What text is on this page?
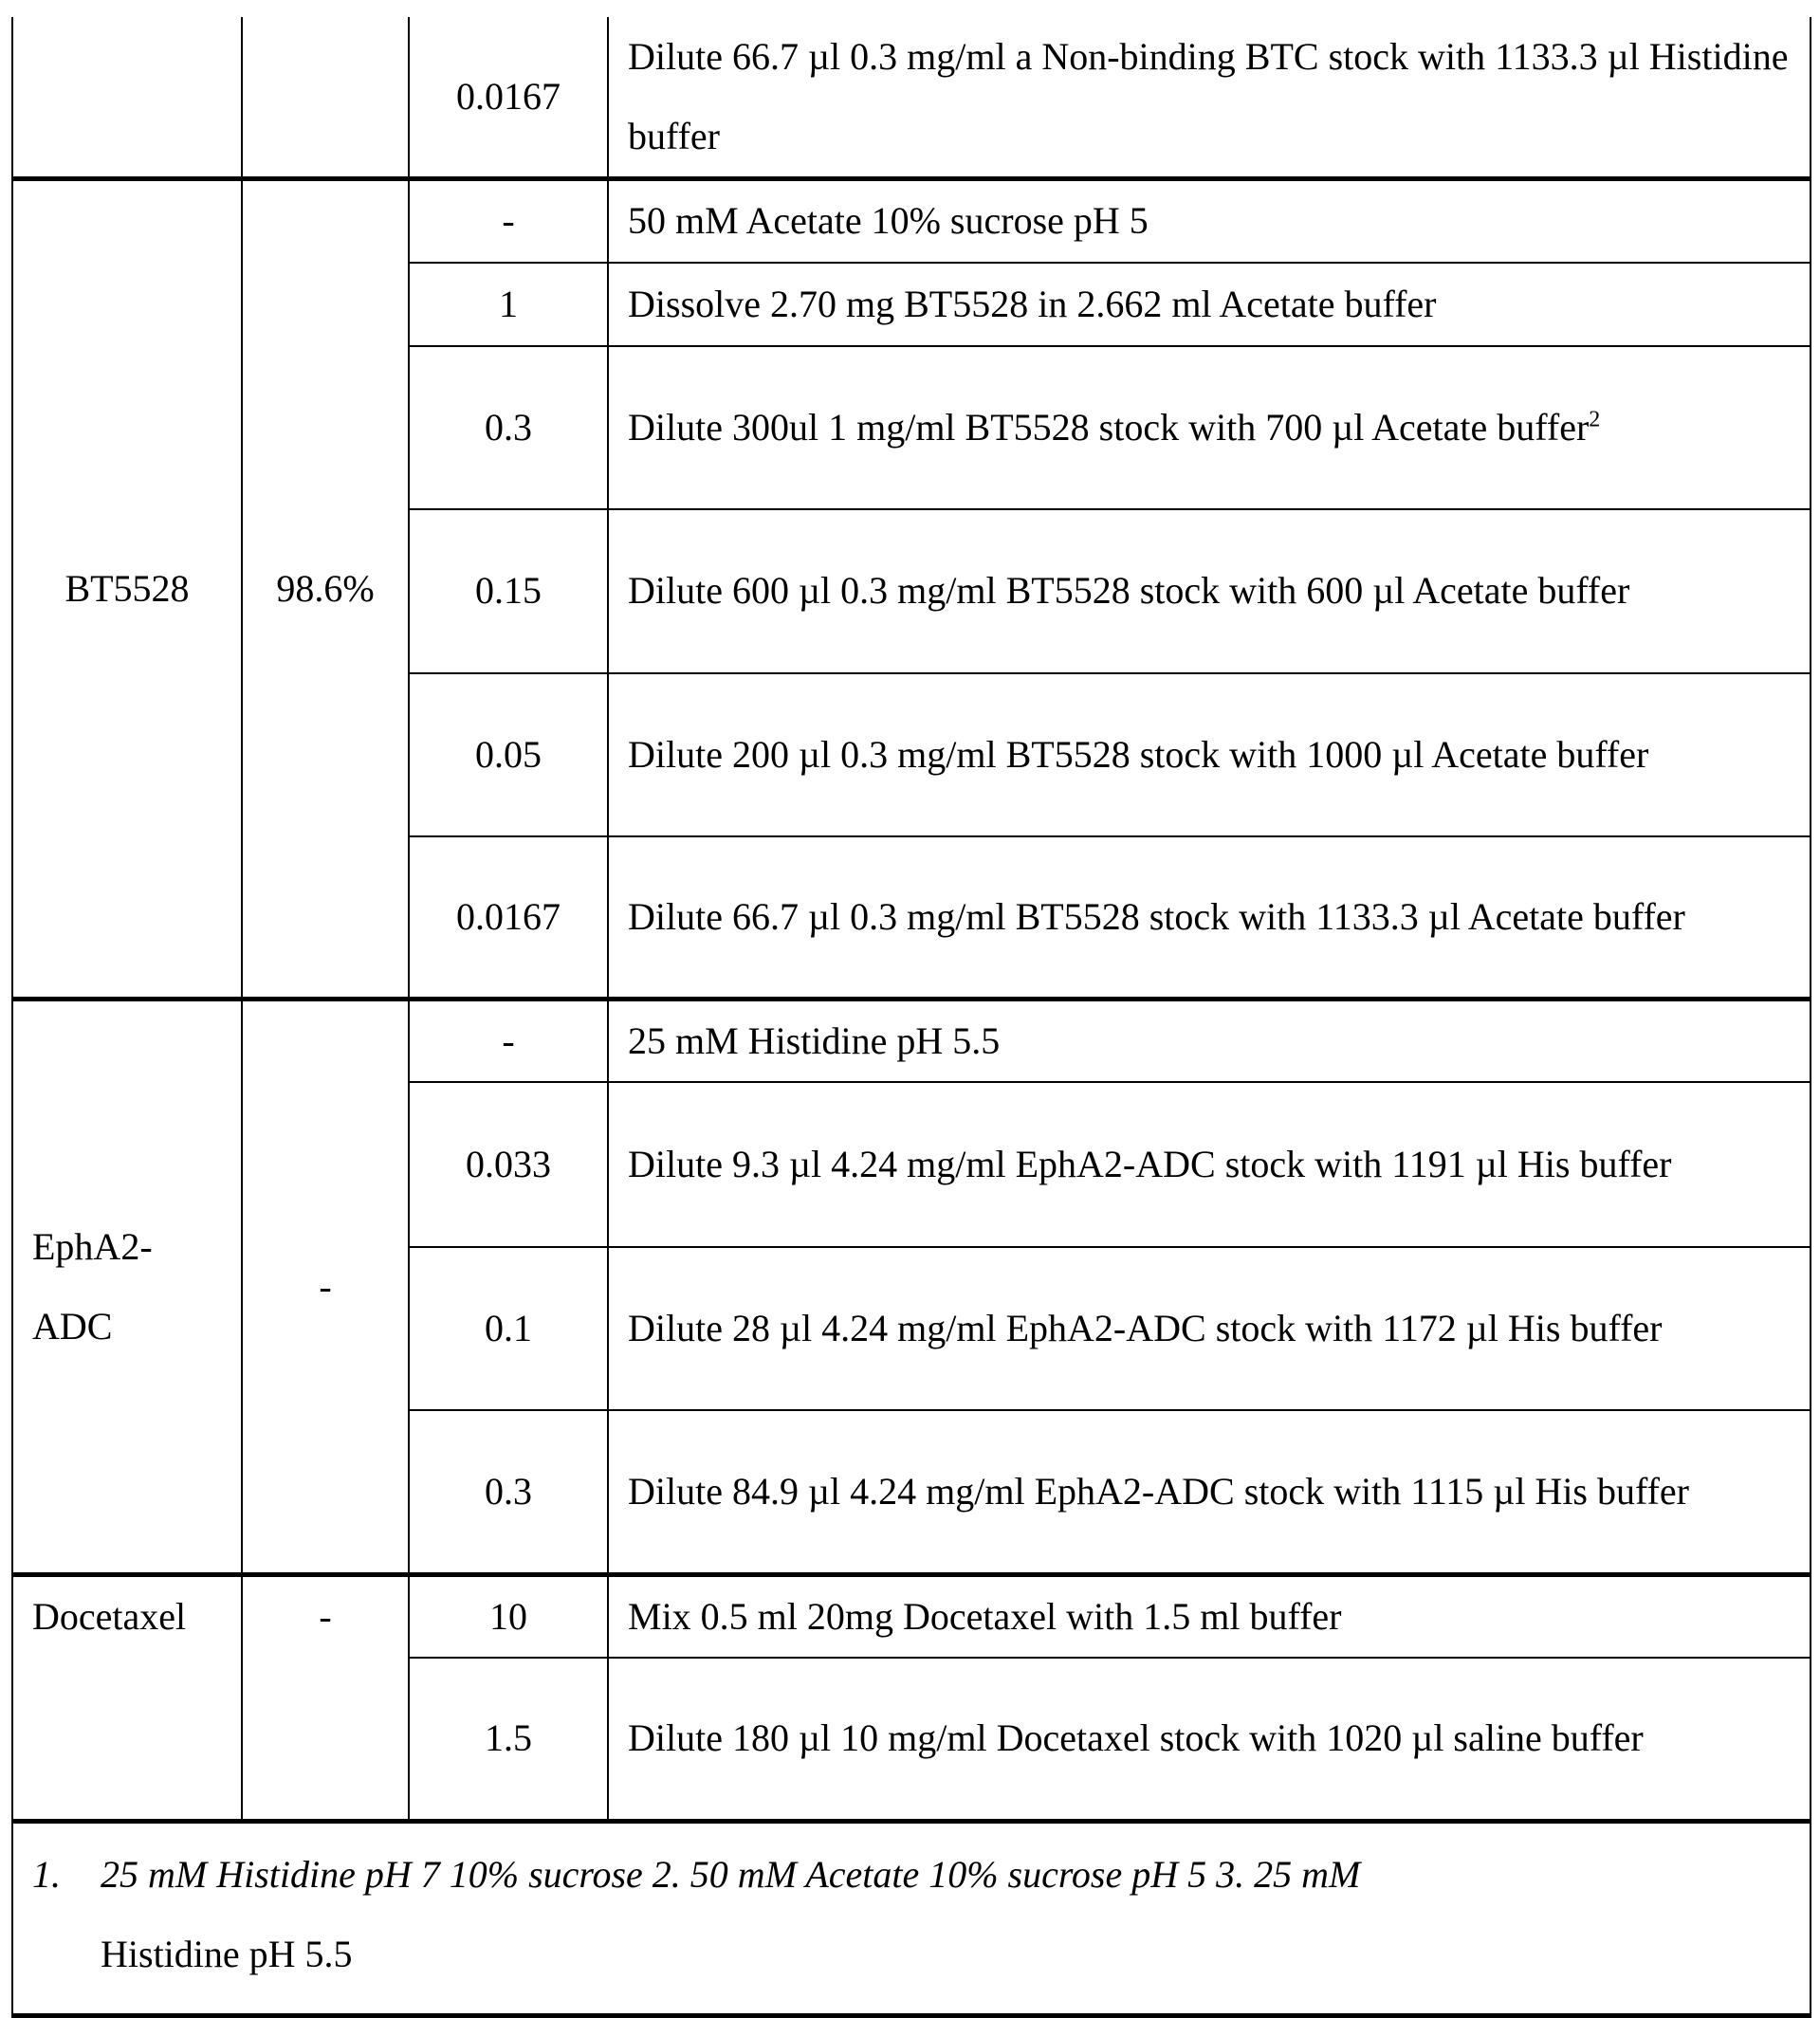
		0.0167	Dilute 66.7 µl 0.3 mg/ml a Non-binding BTC stock with 1133.3 µl Histidine buffer
BT5528	98.6%	-	50 mM Acetate 10% sucrose pH 5
1	Dissolve 2.70 mg BT5528 in 2.662 ml Acetate buffer
0.3	Dilute 300ul 1 mg/ml BT5528 stock with 700 µl Acetate buffer2
0.15	Dilute 600 µl 0.3 mg/ml BT5528 stock with 600 µl Acetate buffer
0.05	Dilute 200 µl 0.3 mg/ml BT5528 stock with 1000 µl Acetate buffer
0.0167	Dilute 66.7 µl 0.3 mg/ml BT5528 stock with 1133.3 µl Acetate buffer
EphA2-ADC	-	-	25 mM Histidine pH 5.5
0.033	Dilute 9.3 µl 4.24 mg/ml EphA2-ADC stock with 1191 µl His buffer
0.1	Dilute 28 µl 4.24 mg/ml EphA2-ADC stock with 1172 µl His buffer
0.3	Dilute 84.9 µl 4.24 mg/ml EphA2-ADC stock with 1115 µl His buffer
Docetaxel	-	10	Mix 0.5 ml 20mg Docetaxel with 1.5 ml buffer
1.5	Dilute 180 µl 10 mg/ml Docetaxel stock with 1020 µl saline buffer

1. 25 mM Histidine pH 7 10% sucrose 2. 50 mM Acetate 10% sucrose pH 5 3. 25 mM
Histidine pH 5.5
